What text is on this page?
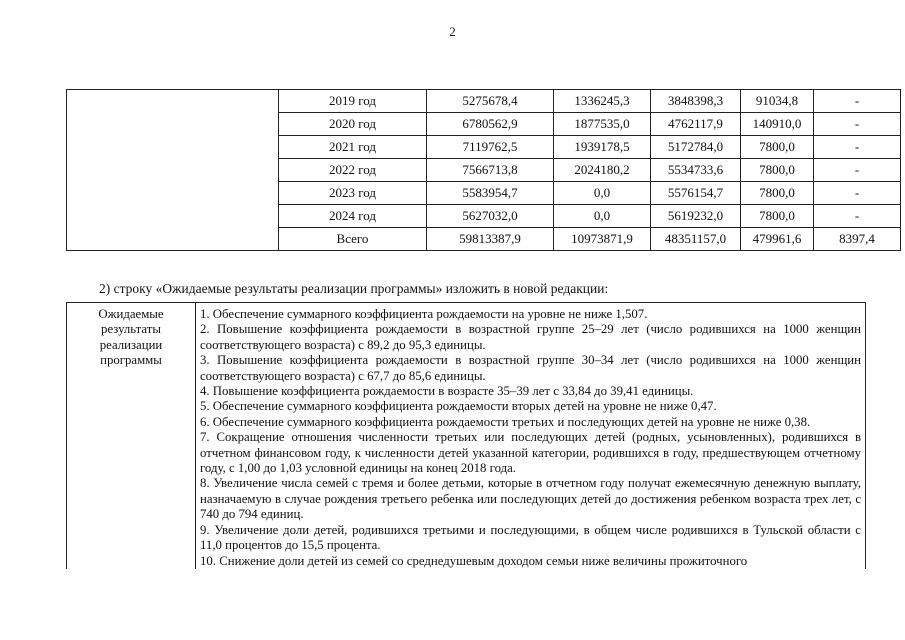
2
	2019 год	5275678,4	1336245,3	3848398,3	91034,8	-
	2020 год	6780562,9	1877535,0	4762117,9	140910,0	-
	2021 год	7119762,5	1939178,5	5172784,0	7800,0	-
	2022 год	7566713,8	2024180,2	5534733,6	7800,0	-
	2023 год	5583954,7	0,0	5576154,7	7800,0	-
	2024 год	5627032,0	0,0	5619232,0	7800,0	-
	Всего	59813387,9	10973871,9	48351157,0	479961,6	8397,4
2) строку «Ожидаемые результаты реализации программы» изложить в новой редакции:
Ожидаемые результаты реализации программы	
1. Обеспечение суммарного коэффициента рождаемости на уровне не ниже 1,507.
2. Повышение коэффициента рождаемости в возрастной группе 25–29 лет (число родившихся на 1000 женщин соответствующего возраста) с 89,2 до 95,3 единицы.
3. Повышение коэффициента рождаемости в возрастной группе 30–34 лет (число родившихся на 1000 женщин соответствующего возраста) с 67,7 до 85,6 единицы.
4. Повышение коэффициента рождаемости в возрасте 35–39 лет с 33,84 до 39,41 единицы.
5. Обеспечение суммарного коэффициента рождаемости вторых детей на уровне не ниже 0,47.
6. Обеспечение суммарного коэффициента рождаемости третьих и последующих детей на уровне не ниже 0,38.
7. Сокращение отношения численности третьих или последующих детей (родных, усыновленных), родившихся в отчетном финансовом году, к численности детей указанной категории, родившихся в году, предшествующем отчетному году, с 1,00 до 1,03 условной единицы на конец 2018 года.
8. Увеличение числа семей с тремя и более детьми, которые в отчетном году получат ежемесячную денежную выплату, назначаемую в случае рождения третьего ребенка или последующих детей до достижения ребенком возраста трех лет, с 740 до 794 единиц.
9. Увеличение доли детей, родившихся третьими и последующими, в общем числе родившихся в Тульской области с 11,0 процентов до 15,5 процента.
10. Снижение доли детей из семей со среднедушевым доходом семьи ниже величины прожиточного
